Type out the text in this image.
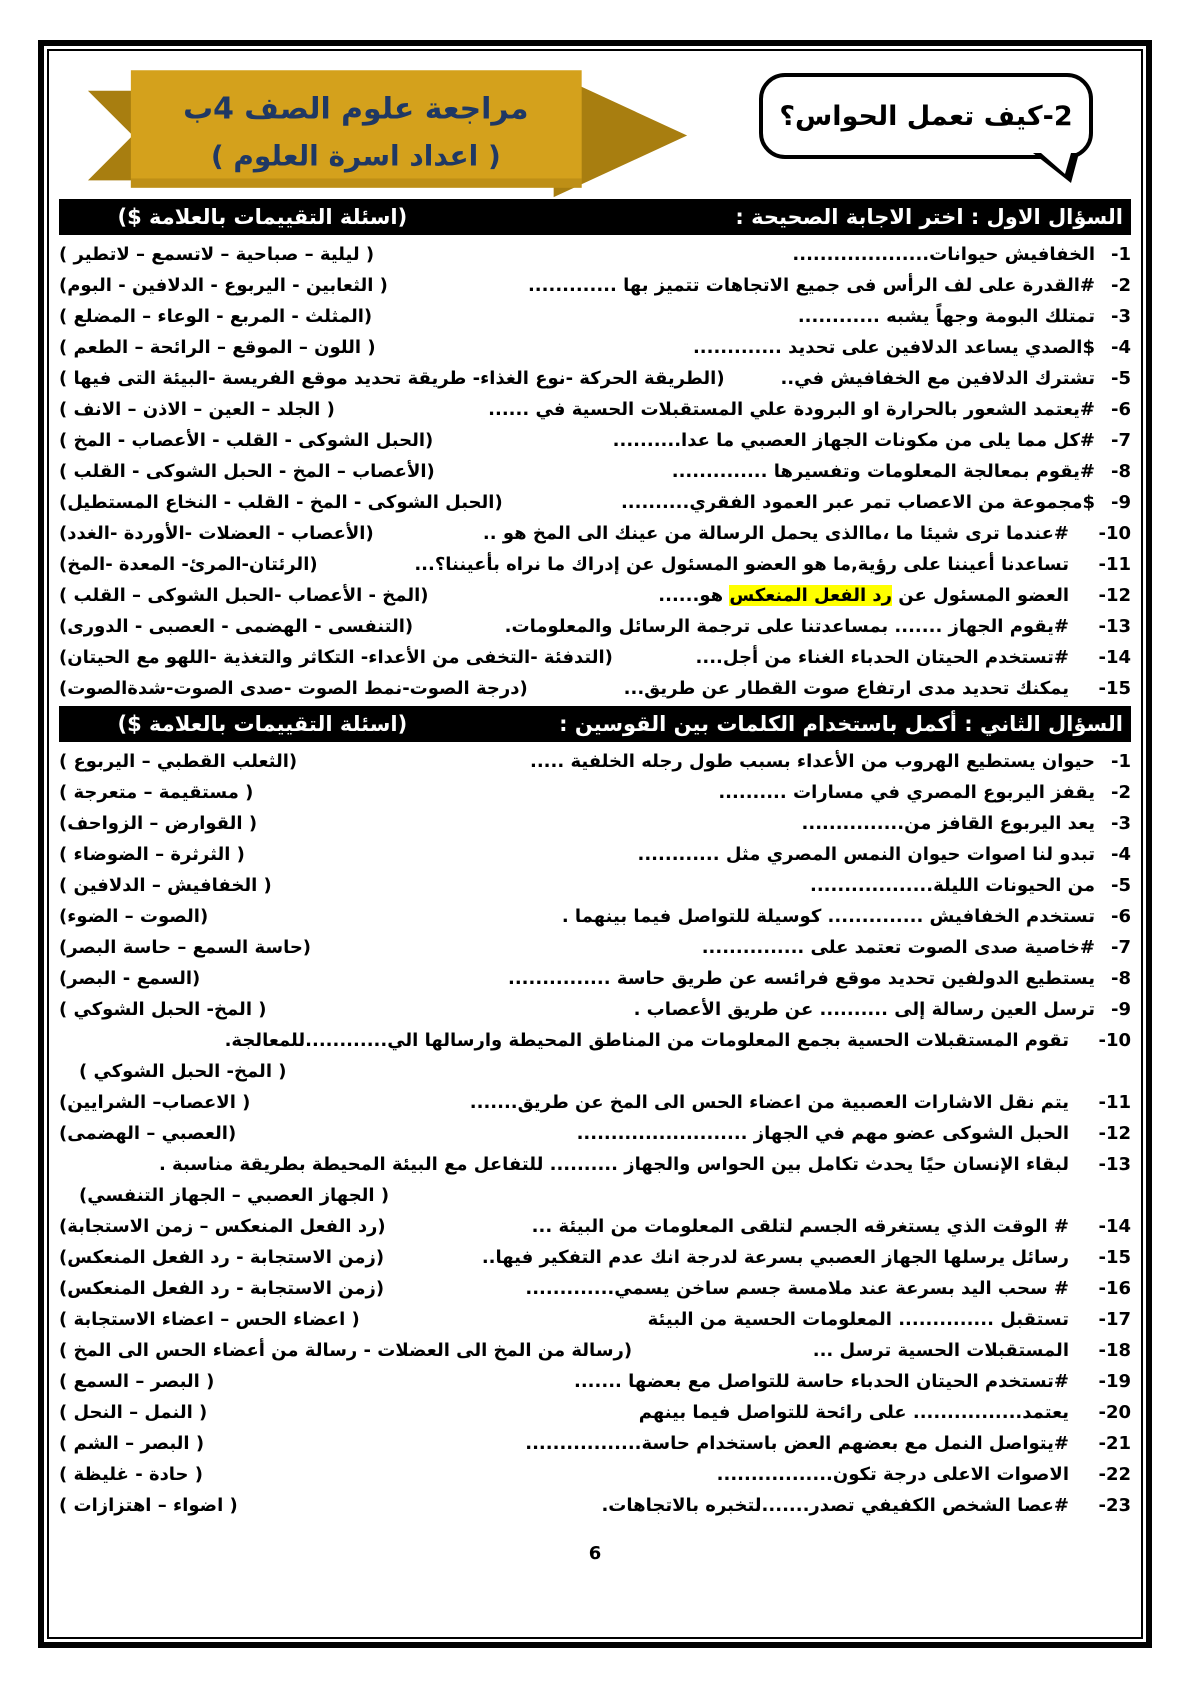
مراجعة علوم الصف 4ب
( اعداد اسرة العلوم )
2-كيف تعمل الحواس؟
السؤال الاول : اختر الاجابة الصحيحة :
(اسئلة التقييمات بالعلامة $)
1-
الخفافيش حيوانات....................
( ليلية – صباحية – لاتسمع – لاتطير )
2-
#القدرة على لف الرأس فى جميع الاتجاهات تتميز بها .............
( الثعابين - اليربوع - الدلافين - البوم)
3-
تمتلك البومة وجهاً يشبه ............
(المثلث - المربع - الوعاء – المضلع )
4-
$الصدي يساعد الدلافين على تحديد .............
( اللون – الموقع – الرائحة – الطعم )
5-
تشترك الدلافين مع الخفافيش في..
(الطريقة الحركة -نوع الغذاء- طريقة تحديد موقع الفريسة -البيئة التى فيها )
6-
#يعتمد الشعور بالحرارة او البرودة علي المستقبلات الحسية في ......
( الجلد – العين – الاذن – الانف )
7-
#كل مما يلى من مكونات الجهاز العصبي ما عدا..........
(الحبل الشوكى - القلب - الأعصاب - المخ )
8-
#يقوم بمعالجة المعلومات وتفسيرها ..............
(الأعصاب – المخ - الحبل الشوكى - القلب )
9-
$مجموعة من الاعصاب تمر عبر العمود الفقري..........
(الحبل الشوكى - المخ - القلب - النخاع المستطيل)
10-
#عندما ترى شيئا ما ،ماالذى يحمل الرسالة من عينك الى المخ هو ..
(الأعصاب - العضلات -الأوردة -الغدد)
11-
تساعدنا أعيننا على رؤية,ما هو العضو المسئول عن إدراك ما نراه بأعيننا؟...
(الرئتان-المرئ- المعدة -المخ)
12-
العضو المسئول عن رد الفعل المنعكس هو......
(المخ - الأعصاب -الحبل الشوكى – القلب )
13-
#يقوم الجهاز ....... بمساعدتنا على ترجمة الرسائل والمعلومات.
(التنفسى - الهضمى - العصبى - الدورى)
14-
#تستخدم الحيتان الحدباء الغناء من أجل....
(التدفئة -التخفى من الأعداء- التكاثر والتغذية -اللهو مع الحيتان)
15-
يمكنك تحديد مدى ارتفاع صوت القطار عن طريق...
(درجة الصوت-نمط الصوت -صدى الصوت-شدةالصوت)
السؤال الثاني : أكمل باستخدام الكلمات بين القوسين :
(اسئلة التقييمات بالعلامة $)
1-
حيوان يستطيع الهروب من الأعداء بسبب طول رجله الخلفية .....
(الثعلب القطبي – اليربوع )
2-
يقفز اليربوع المصري في مسارات ..........
( مستقيمة – متعرجة )
3-
يعد اليربوع القافز من...............
( القوارض – الزواحف)
4-
تبدو لنا اصوات حيوان النمس المصري مثل ............
( الثرثرة – الضوضاء )
5-
من الحيونات الليلة..................
( الخفافيش – الدلافين )
6-
تستخدم الخفافيش .............. كوسيلة للتواصل فيما بينهما .
(الصوت – الضوء)
7-
#خاصية صدى الصوت تعتمد على ...............
(حاسة السمع – حاسة البصر)
8-
يستطيع الدولفين تحديد موقع فرائسه عن طريق حاسة ...............
(السمع - البصر)
9-
ترسل العين رسالة إلى .......... عن طريق الأعصاب .
( المخ- الحبل الشوكي )
10-
تقوم المستقبلات الحسية بجمع المعلومات من المناطق المحيطة وارسالها الي............للمعالجة.
( المخ- الحبل الشوكي )
11-
يتم نقل الاشارات العصبية من اعضاء الحس الى المخ عن طريق.......
( الاعصاب– الشرايين)
12-
الحبل الشوكى عضو مهم في الجهاز .........................
(العصبي – الهضمى)
13-
لبقاء الإنسان حيًا يحدث تكامل بين الحواس والجهاز .......... للتفاعل مع البيئة المحيطة بطريقة مناسبة .
( الجهاز العصبي – الجهاز التنفسي)
14-
# الوقت الذي يستغرقه الجسم لتلقى المعلومات من البيئة ...
(رد الفعل المنعكس – زمن الاستجابة)
15-
رسائل يرسلها الجهاز العصبي بسرعة لدرجة انك عدم التفكير فيها..
(زمن الاستجابة - رد الفعل المنعكس)
16-
# سحب اليد بسرعة عند ملامسة جسم ساخن يسمي.............
(زمن الاستجابة - رد الفعل المنعكس)
17-
تستقبل .............. المعلومات الحسية من البيئة
( اعضاء الحس – اعضاء الاستجابة )
18-
المستقبلات الحسية ترسل ...
(رسالة من المخ الى العضلات - رسالة من أعضاء الحس الى المخ )
19-
#تستخدم الحيتان الحدباء حاسة للتواصل مع بعضها .......
( البصر – السمع )
20-
يعتمد................ على رائحة للتواصل فيما بينهم
( النمل – النحل )
21-
#يتواصل النمل مع بعضهم العض باستخدام حاسة.................
( البصر – الشم )
22-
الاصوات الاعلى درجة تكون.................
( حادة - غليظة )
23-
#عصا الشخص الكفيفي تصدر.......لتخبره بالاتجاهات.
( اضواء – اهتزازات )
6
